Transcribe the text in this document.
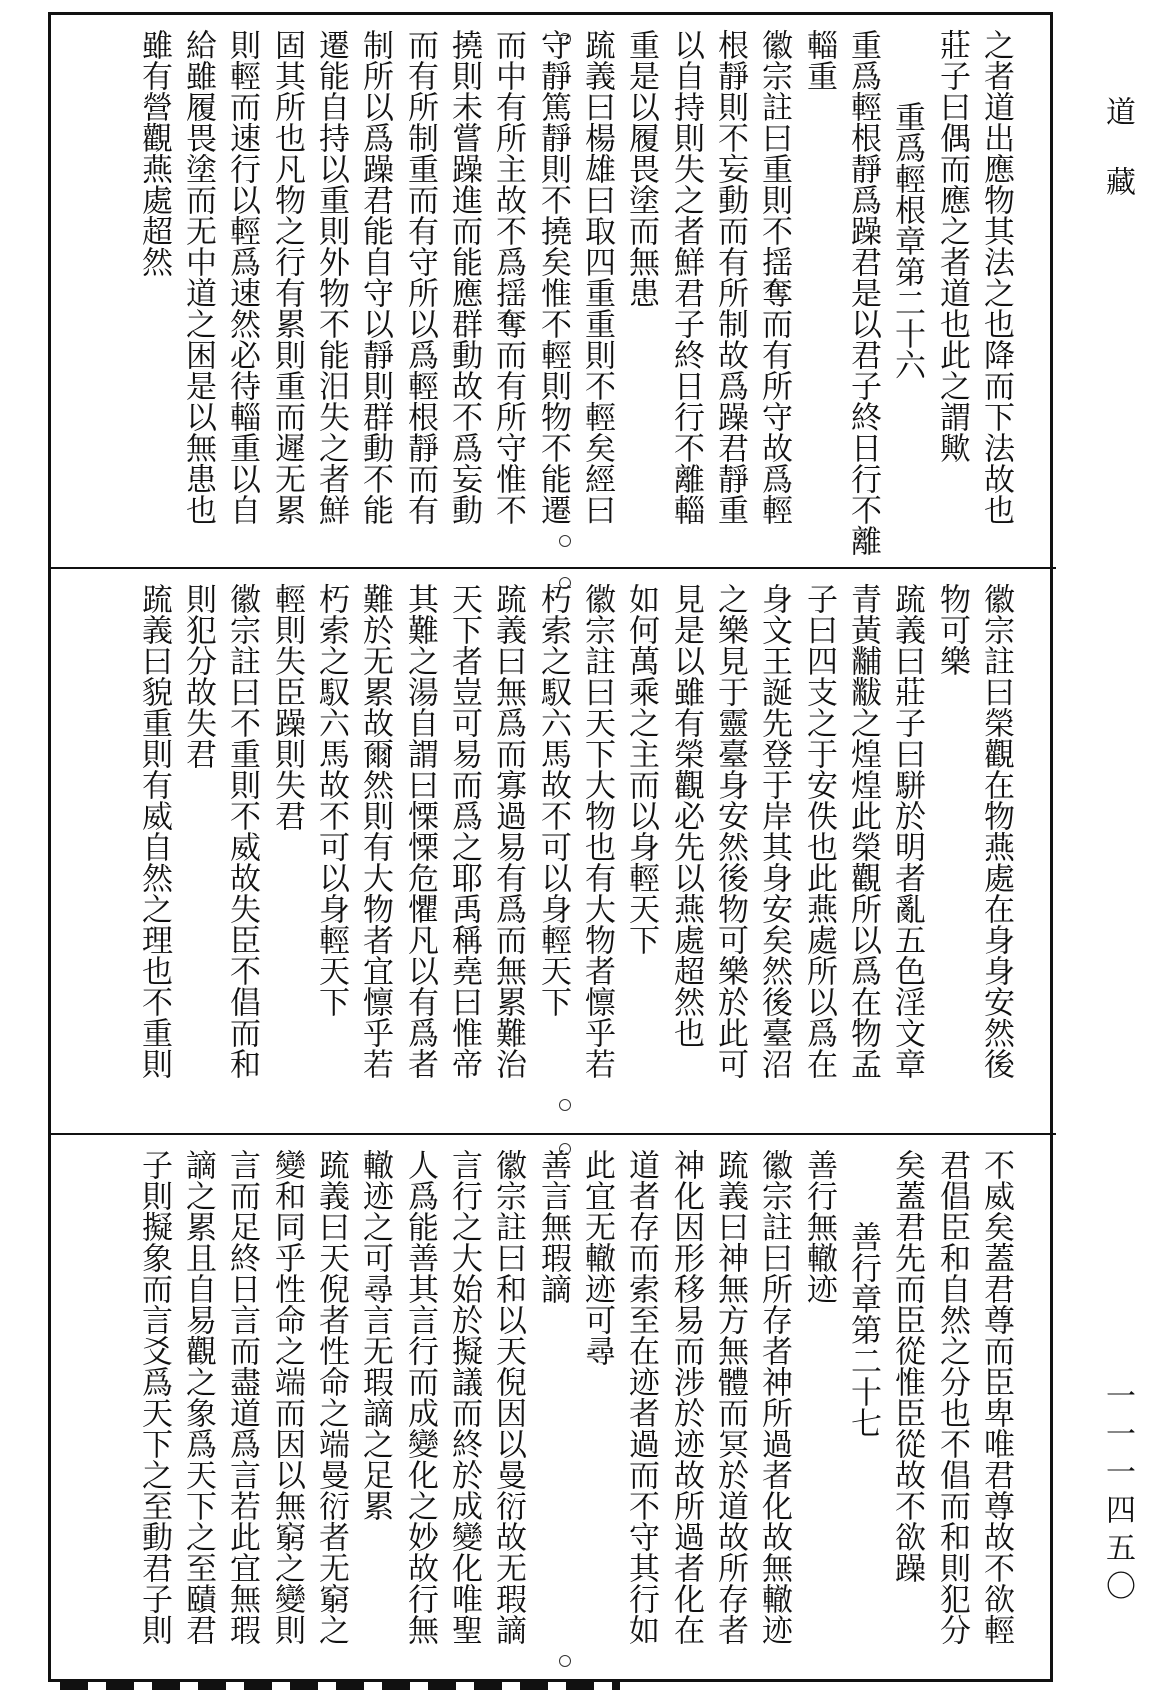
之者道出應物其法之也降而下法故也
莊子曰偶而應之者道也此之謂歟
重爲輕根章第二十六
重爲輕根靜爲躁君是以君子終日行不離
輜重
徽宗註曰重則不揺奪而有所守故爲輕
根靜則不妄動而有所制故爲躁君靜重
以自持則失之者鮮君子終日行不離輜
重是以履畏塗而無患
䟽義曰楊雄曰取四重重則不輕矣經曰
守靜篤靜則不撓矣惟不輕則物不能遷
而中有所主故不爲揺奪而有所守惟不
撓則未嘗躁進而能應群動故不爲妄動
而有所制重而有守所以爲輕根靜而有
制所以爲躁君能自守以靜則群動不能
遷能自持以重則外物不能汨失之者鮮
固其所也凡物之行有累則重而遲无累
則輕而速行以輕爲速然必待輜重以自
給雖履畏塗而无中道之困是以無患也
雖有營觀燕處超然
徽宗註曰榮觀在物燕處在身身安然後
物可樂
䟽義曰莊子曰駢於明者亂五色淫文章
青黃黼黻之煌煌此榮觀所以爲在物孟
子曰四支之于安佚也此燕處所以爲在
身文王誕先登于岸其身安矣然後臺沼
之樂見于靈臺身安然後物可樂於此可
見是以雖有榮觀必先以燕處超然也
如何萬乘之主而以身輕天下
徽宗註曰天下大物也有大物者懔乎若
朽索之馭六馬故不可以身輕天下
䟽義曰無爲而寡過易有爲而無累難治
天下者豈可易而爲之耶禹稱堯曰惟帝
其難之湯自謂曰慄慄危懼凡以有爲者
難於无累故爾然則有大物者宜懔乎若
朽索之馭六馬故不可以身輕天下
輕則失臣躁則失君
徽宗註曰不重則不威故失臣不倡而和
則犯分故失君
䟽義曰貌重則有威自然之理也不重則
不威矣蓋君尊而臣卑唯君尊故不欲輕
君倡臣和自然之分也不倡而和則犯分
矣蓋君先而臣從惟臣從故不欲躁
善行章第二十七
善行無轍迹
徽宗註曰所存者神所過者化故無轍迹
䟽義曰神無方無體而冥於道故所存者
神化因形移易而涉於迹故所過者化在
道者存而索至在迹者過而不守其行如
此宜无轍迹可尋
善言無瑕謫
徽宗註曰和以天倪因以曼衍故无瑕謫
言行之大始於擬議而終於成變化唯聖
人爲能善其言行而成變化之妙故行無
轍迹之可尋言无瑕謫之足累
䟽義曰天倪者性命之端曼衍者无窮之
變和同乎性命之端而因以無窮之變則
言而足終日言而盡道爲言若此宜無瑕
謫之累且自易觀之象爲天下之至賾君
子則擬象而言爻爲天下之至動君子則
道藏
一一一四五〇
